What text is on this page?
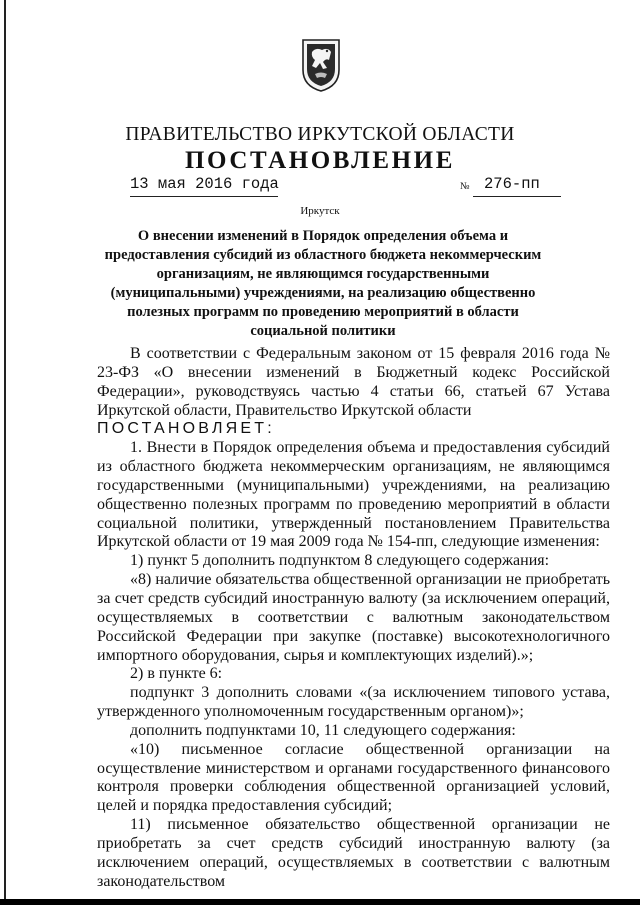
ПРАВИТЕЛЬСТВО ИРКУТСКОЙ ОБЛАСТИ
ПОСТАНОВЛЕНИЕ
13 мая 2016 года	№ 276-пп
Иркутск
О внесении изменений в Порядок определения объема и предоставления субсидий из областного бюджета некоммерческим организациям, не являющимся государственными (муниципальными) учреждениями, на реализацию общественно полезных программ по проведению мероприятий в области социальной политики

В соответствии с Федеральным законом от 15 февраля 2016 года № 23-ФЗ «О внесении изменений в Бюджетный кодекс Российской Федерации», руководствуясь частью 4 статьи 66, статьей 67 Устава Иркутской области, Правительство Иркутской области

ПОСТАНОВЛЯЕТ:

1. Внести в Порядок определения объема и предоставления субсидий из областного бюджета некоммерческим организациям, не являющимся государственными (муниципальными) учреждениями, на реализацию общественно полезных программ по проведению мероприятий в области социальной политики, утвержденный постановлением Правительства Иркутской области от 19 мая 2009 года № 154-пп, следующие изменения:

1) пункт 5 дополнить подпунктом 8 следующего содержания:

«8) наличие обязательства общественной организации не приобретать за счет средств субсидий иностранную валюту (за исключением операций, осуществляемых в соответствии с валютным законодательством Российской Федерации при закупке (поставке) высокотехнологичного импортного оборудования, сырья и комплектующих изделий).»;

2) в пункте 6:

подпункт 3 дополнить словами «(за исключением типового устава, утвержденного уполномоченным государственным органом)»;

дополнить подпунктами 10, 11 следующего содержания:

«10) письменное согласие общественной организации на осуществление министерством и органами государственного финансового контроля проверки соблюдения общественной организацией условий, целей и порядка предоставления субсидий;

11) письменное обязательство общественной организации не приобретать за счет средств субсидий иностранную валюту (за исключением операций, осуществляемых в соответствии с валютным законодательством
